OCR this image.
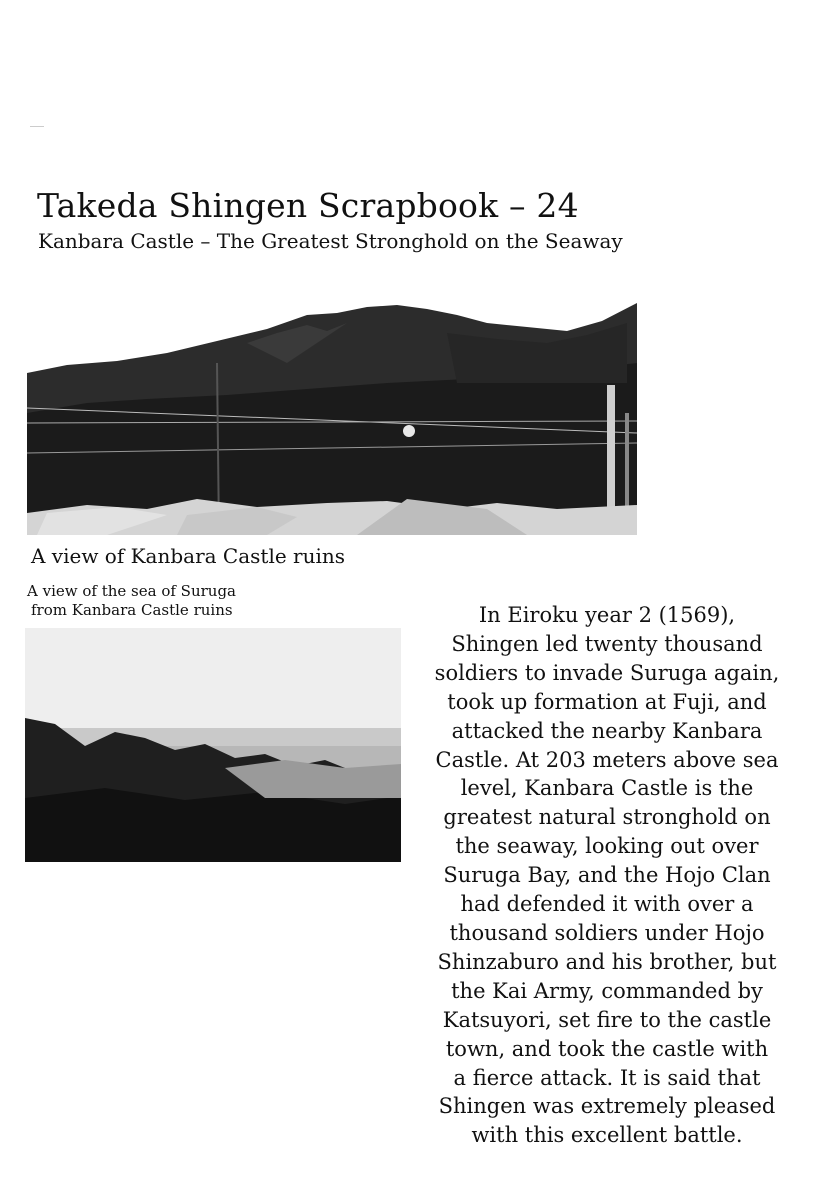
Takeda Shingen Scrapbook – 24
Kanbara Castle – The Greatest Stronghold on the Seaway
A view of Kanbara Castle ruins
A view of the sea of Suruga
from Kanbara Castle ruins	In Eiroku year 2 (1569),
Shingen led twenty thousand
soldiers to invade Suruga again,
took up formation at Fuji, and
attacked the nearby Kanbara
Castle. At 203 meters above sea
level, Kanbara Castle is the
greatest natural stronghold on
the seaway, looking out over
Suruga Bay, and the Hojo Clan
had defended it with over a
thousand soldiers under Hojo
Shinzaburo and his brother, but
the Kai Army, commanded by
Katsuyori, set fire to the castle
town, and took the castle with
a fierce attack. It is said that
Shingen was extremely pleased
with this excellent battle.
